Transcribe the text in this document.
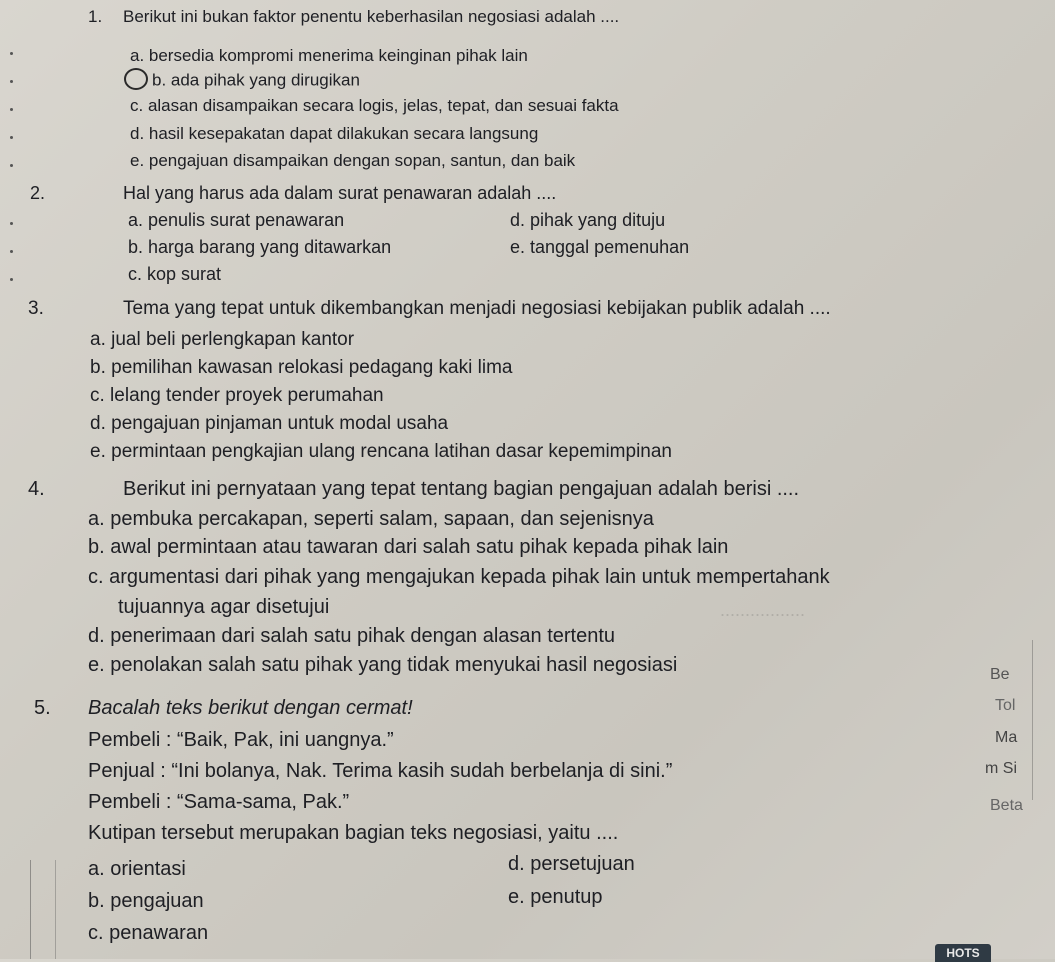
.................
1. Berikut ini bukan faktor penentu keberhasilan negosiasi adalah ....
a. bersedia kompromi menerima keinginan pihak lain
b. ada pihak yang dirugikan
c. alasan disampaikan secara logis, jelas, tepat, dan sesuai fakta
d. hasil kesepakatan dapat dilakukan secara langsung
e. pengajuan disampaikan dengan sopan, santun, dan baik
2.	Hal yang harus ada dalam surat penawaran adalah ....
a. penulis surat penawaran
b. harga barang yang ditawarkan
c. kop surat
d. pihak yang dituju
e. tanggal pemenuhan
3.	Tema yang tepat untuk dikembangkan menjadi negosiasi kebijakan publik adalah ....
a. jual beli perlengkapan kantor
b. pemilihan kawasan relokasi pedagang kaki lima
c. lelang tender proyek perumahan
d. pengajuan pinjaman untuk modal usaha
e. permintaan pengkajian ulang rencana latihan dasar kepemimpinan
4.	Berikut ini pernyataan yang tepat tentang bagian pengajuan adalah berisi ....
a. pembuka percakapan, seperti salam, sapaan, dan sejenisnya
b. awal permintaan atau tawaran dari salah satu pihak kepada pihak lain
c. argumentasi dari pihak yang mengajukan kepada pihak lain untuk mempertahank
tujuannya agar disetujui
d. penerimaan dari salah satu pihak dengan alasan tertentu
e. penolakan salah satu pihak yang tidak menyukai hasil negosiasi
5. Bacalah teks berikut dengan cermat!
Pembeli : “Baik, Pak, ini uangnya.”
Penjual : “Ini bolanya, Nak. Terima kasih sudah berbelanja di sini.”
Pembeli : “Sama-sama, Pak.”
Kutipan tersebut merupakan bagian teks negosiasi, yaitu ....
a. orientasi
b. pengajuan
c. penawaran
d. persetujuan
e. penutup
Be
Tol
Ma
m Si
Beta
HOTS
